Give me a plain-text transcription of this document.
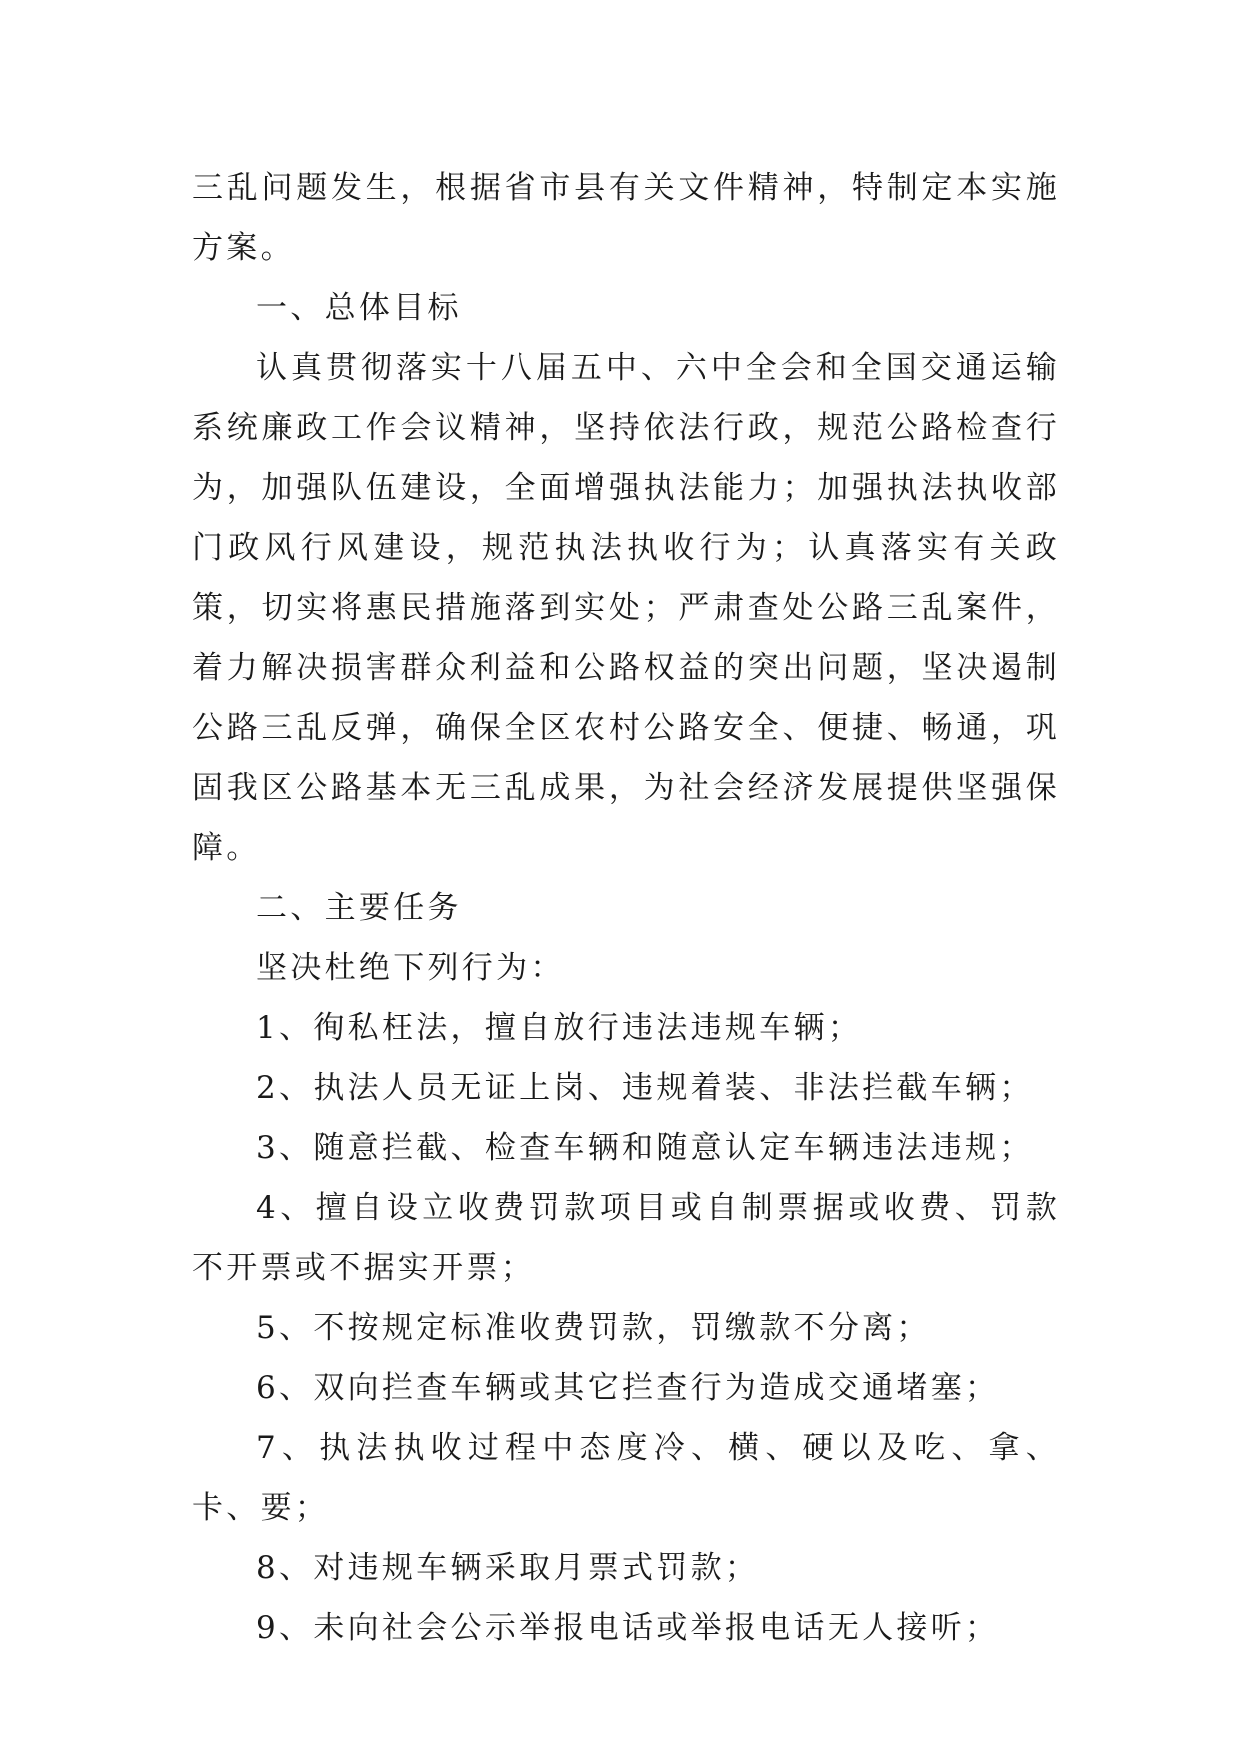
三乱问题发生，根据省市县有关文件精神，特制定本实施方案。

一、总体目标

认真贯彻落实十八届五中、六中全会和全国交通运输系统廉政工作会议精神，坚持依法行政，规范公路检查行为，加强队伍建设，全面增强执法能力；加强执法执收部门政风行风建设，规范执法执收行为；认真落实有关政策，切实将惠民措施落到实处；严肃查处公路三乱案件，着力解决损害群众利益和公路权益的突出问题，坚决遏制公路三乱反弹，确保全区农村公路安全、便捷、畅通，巩固我区公路基本无三乱成果，为社会经济发展提供坚强保障。

二、主要任务

坚决杜绝下列行为：

1、徇私枉法，擅自放行违法违规车辆；

2、执法人员无证上岗、违规着装、非法拦截车辆；

3、随意拦截、检查车辆和随意认定车辆违法违规；

4、擅自设立收费罚款项目或自制票据或收费、罚款不开票或不据实开票；

5、不按规定标准收费罚款，罚缴款不分离；

6、双向拦查车辆或其它拦查行为造成交通堵塞；

7、执法执收过程中态度冷、横、硬以及吃、拿、卡、要；

8、对违规车辆采取月票式罚款；

9、未向社会公示举报电话或举报电话无人接听；
